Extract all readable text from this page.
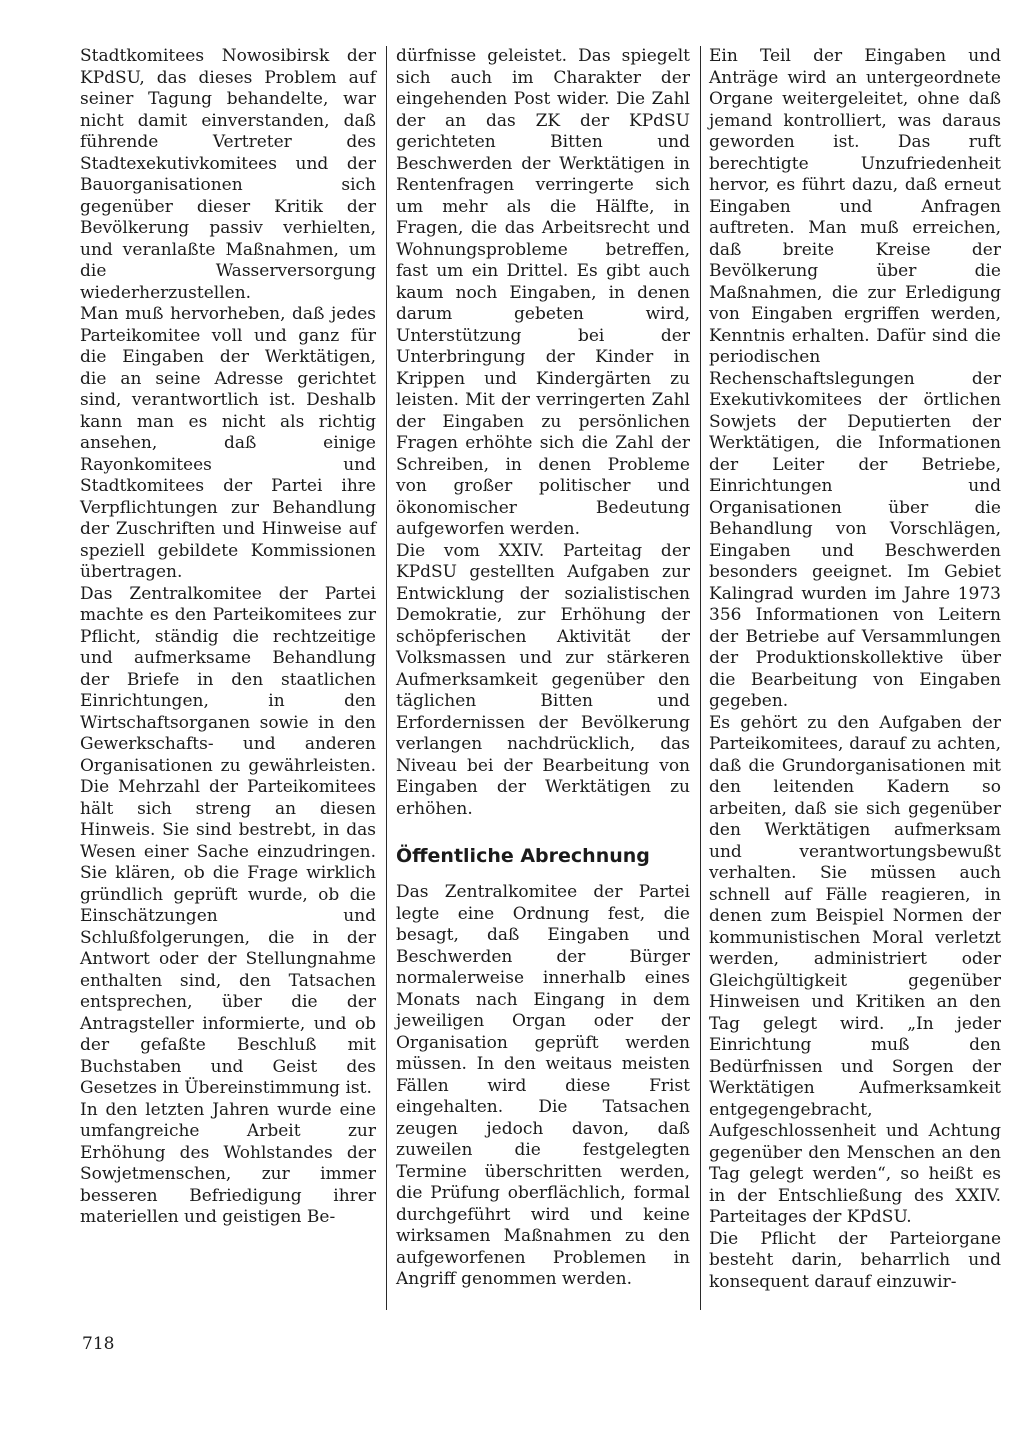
Stadtkomitees Nowosibirsk der KPdSU, das dieses Problem auf seiner Tagung behandelte, war nicht damit einverstanden, daß führende Vertreter des Stadtexekutivkomitees und der Bauorganisationen sich gegenüber dieser Kritik der Bevölkerung passiv verhielten, und veranlaßte Maßnahmen, um die Wasserversorgung wiederherzustellen.

Man muß hervorheben, daß jedes Parteikomitee voll und ganz für die Eingaben der Werktätigen, die an seine Adresse gerichtet sind, verantwortlich ist. Deshalb kann man es nicht als richtig ansehen, daß einige Rayonkomitees und Stadtkomitees der Partei ihre Verpflichtungen zur Behandlung der Zuschriften und Hinweise auf speziell gebildete Kommissionen übertragen.

Das Zentralkomitee der Partei machte es den Parteikomitees zur Pflicht, ständig die rechtzeitige und aufmerksame Behandlung der Briefe in den staatlichen Einrichtungen, in den Wirtschaftsorganen sowie in den Gewerkschafts- und anderen Organisationen zu gewährleisten. Die Mehrzahl der Parteikomitees hält sich streng an diesen Hinweis. Sie sind bestrebt, in das Wesen einer Sache einzudringen. Sie klären, ob die Frage wirklich gründlich geprüft wurde, ob die Einschätzungen und Schlußfolgerungen, die in der Antwort oder der Stellungnahme enthalten sind, den Tatsachen entsprechen, über die der Antragsteller informierte, und ob der gefaßte Beschluß mit Buchstaben und Geist des Gesetzes in Übereinstimmung ist.

In den letzten Jahren wurde eine umfangreiche Arbeit zur Erhöhung des Wohlstandes der Sowjetmenschen, zur immer besseren Befriedigung ihrer materiellen und geistigen Be-

dürfnisse geleistet. Das spiegelt sich auch im Charakter der eingehenden Post wider. Die Zahl der an das ZK der KPdSU gerichteten Bitten und Beschwerden der Werktätigen in Rentenfragen verringerte sich um mehr als die Hälfte, in Fragen, die das Arbeitsrecht und Wohnungsprobleme betreffen, fast um ein Drittel. Es gibt auch kaum noch Eingaben, in denen darum gebeten wird, Unterstützung bei der Unterbringung der Kinder in Krippen und Kindergärten zu leisten. Mit der verringerten Zahl der Eingaben zu persönlichen Fragen erhöhte sich die Zahl der Schreiben, in denen Probleme von großer politischer und ökonomischer Bedeutung aufgeworfen werden.

Die vom XXIV. Parteitag der KPdSU gestellten Aufgaben zur Entwicklung der sozialistischen Demokratie, zur Erhöhung der schöpferischen Aktivität der Volksmassen und zur stärkeren Aufmerksamkeit gegenüber den täglichen Bitten und Erfordernissen der Bevölkerung verlangen nachdrücklich, das Niveau bei der Bearbeitung von Eingaben der Werktätigen zu erhöhen.

Öffentliche Abrechnung

Das Zentralkomitee der Partei legte eine Ordnung fest, die besagt, daß Eingaben und Beschwerden der Bürger normalerweise innerhalb eines Monats nach Eingang in dem jeweiligen Organ oder der Organisation geprüft werden müssen. In den weitaus meisten Fällen wird diese Frist eingehalten. Die Tatsachen zeugen jedoch davon, daß zuweilen die festgelegten Termine überschritten werden, die Prüfung oberflächlich, formal durchgeführt wird und keine wirksamen Maßnahmen zu den aufgeworfenen Problemen in Angriff genommen werden.

Ein Teil der Eingaben und Anträge wird an untergeordnete Organe weitergeleitet, ohne daß jemand kontrolliert, was daraus geworden ist. Das ruft berechtigte Unzufriedenheit hervor, es führt dazu, daß erneut Eingaben und Anfragen auftreten. Man muß erreichen, daß breite Kreise der Bevölkerung über die Maßnahmen, die zur Erledigung von Eingaben ergriffen werden, Kenntnis erhalten. Dafür sind die periodischen Rechenschaftslegungen der Exekutivkomitees der örtlichen Sowjets der Deputierten der Werktätigen, die Informationen der Leiter der Betriebe, Einrichtungen und Organisationen über die Behandlung von Vorschlägen, Eingaben und Beschwerden besonders geeignet. Im Gebiet Kalingrad wurden im Jahre 1973 356 Informationen von Leitern der Betriebe auf Versammlungen der Produktionskollektive über die Bearbeitung von Eingaben gegeben.

Es gehört zu den Aufgaben der Parteikomitees, darauf zu achten, daß die Grundorganisationen mit den leitenden Kadern so arbeiten, daß sie sich gegenüber den Werktätigen aufmerksam und verantwortungsbewußt verhalten. Sie müssen auch schnell auf Fälle reagieren, in denen zum Beispiel Normen der kommunistischen Moral verletzt werden, administriert oder Gleichgültigkeit gegenüber Hinweisen und Kritiken an den Tag gelegt wird. „In jeder Einrichtung muß den Bedürfnissen und Sorgen der Werktätigen Aufmerksamkeit entgegengebracht, Aufgeschlossenheit und Achtung gegenüber den Menschen an den Tag gelegt werden“, so heißt es in der Entschließung des XXIV. Parteitages der KPdSU.

Die Pflicht der Parteiorgane besteht darin, beharrlich und konsequent darauf einzuwir-

718
